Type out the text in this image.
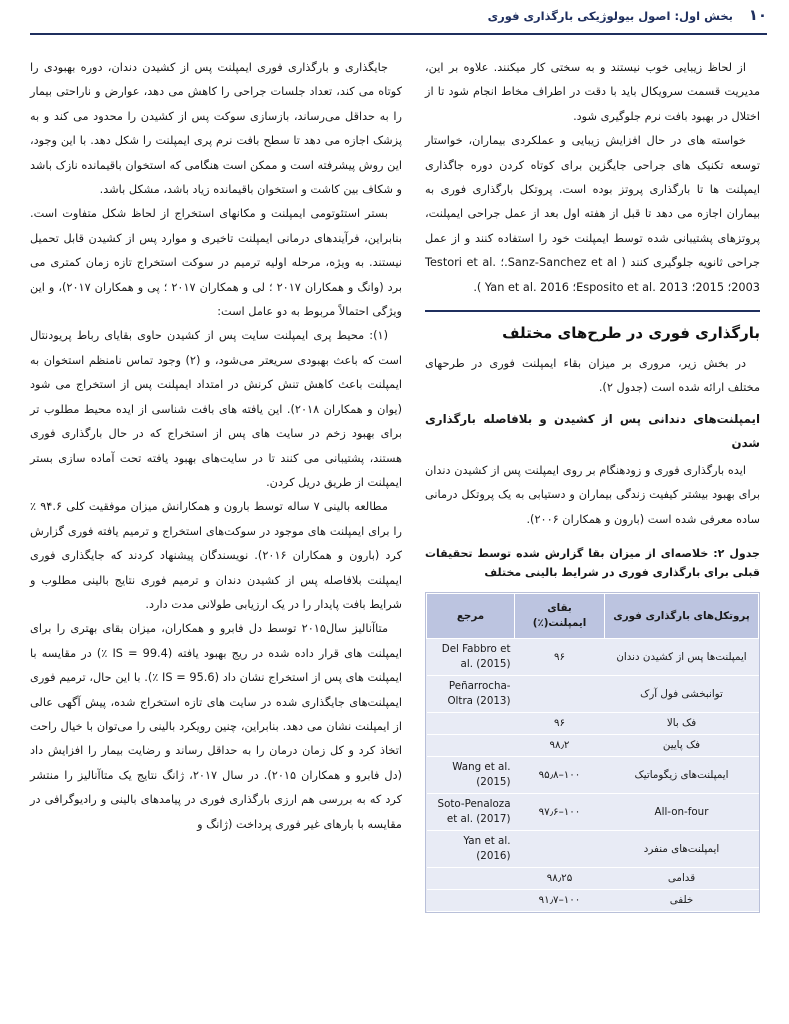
۱۰
بخش اول: اصول بیولوژیکی بارگذاری فوری

از لحاظ زیبایی خوب نیستند و به سختی کار میکنند. علاوه بر این، مدیریت قسمت سرویکال باید با دقت در اطراف مخاط انجام شود تا از اختلال در بهبود بافت نرم جلوگیری شود.

خواسته های در حال افزایش زیبایی و عملکردی بیماران، خواستار توسعه تکنیک های جراحی جایگزین برای کوتاه کردن دوره جاگذاری ایمپلنت ها تا بارگذاری پروتز بوده است. پروتکل بارگذاری فوری به بیماران اجازه می دهد تا قبل از هفته اول بعد از عمل جراحی ایمپلنت، پروتزهای پشتیبانی شده توسط ایمپلنت خود را استفاده کنند و از عمل جراحی ثانویه جلوگیری کنند ( Sanz-Sanchez et al.؛ Testori et al. 2003؛ 2015؛ Esposito et al. 2013؛ Yan et al. 2016 ).

بارگذاری فوری در طرح‌های مختلف

در بخش زیر، مروری بر میزان بقاء ایمپلنت فوری در طرحهای مختلف ارائه شده است (جدول ۲).

ایمپلنت‌های دندانی پس از کشیدن و بلافاصله بارگذاری شدن

ایده بارگذاری فوری و زودهنگام بر روی ایمپلنت پس از کشیدن دندان برای بهبود بیشتر کیفیت زندگی بیماران و دستیابی به یک پروتکل درمانی ساده معرفی شده است (بارون و همکاران ۲۰۰۶).

جدول ۲: خلاصه‌ای از میزان بقا گزارش شده توسط تحقیقات قبلی برای بارگذاری فوری در شرایط بالینی مختلف
پروتکل‌های بارگذاری فوری	بقای ایمپلنت(٪)	مرجع
ایمپلنت‌ها پس از کشیدن دندان	۹۶	Del Fabbro et al. (2015)
توانبخشی فول آرک		Peñarrocha-Oltra (2013)
فک بالا	۹۶	
فک پایین	۹۸٫۲	
ایمپلنت‌های زیگوماتیک	۱۰۰–۹۵٫۸	Wang et al. (2015)
All-on-four	۱۰۰–۹۷٫۶	Soto-Penaloza et al. (2017)
ایمپلنت‌های منفرد		Yan et al. (2016)
قدامی	۹۸٫۲۵	
خلفی	۱۰۰–۹۱٫۷	

جایگذاری و بارگذاری فوری ایمپلنت پس از کشیدن دندان، دوره بهبودی را کوتاه می کند، تعداد جلسات جراحی را کاهش می دهد، عوارض و ناراحتی بیمار را به حداقل می‌رساند، بازسازی سوکت پس از کشیدن را محدود می کند و به پزشک اجازه می دهد تا سطح بافت نرم پری ایمپلنت را شکل دهد. با این وجود، این روش پیشرفته است و ممکن است هنگامی که استخوان باقیمانده نازک باشد و شکاف بین کاشت و استخوان باقیمانده زیاد باشد، مشکل باشد.

بستر استئوتومی ایمپلنت و مکانهای استخراج از لحاظ شکل متفاوت است. بنابراین، فرآیندهای درمانی ایمپلنت تاخیری و موارد پس از کشیدن قابل تحمیل نیستند. به ویژه، مرحله اولیه ترمیم در سوکت استخراج تازه زمان کمتری می برد (وانگ و همکاران ۲۰۱۷ ؛ لی و همکاران ۲۰۱۷ ؛ پی و همکاران ۲۰۱۷)، و این ویژگی احتمالاً مربوط به دو عامل است:

(۱): محیط پری ایمپلنت سایت پس از کشیدن حاوی بقایای رباط پریودنتال است که باعث بهبودی سریعتر می‌شود، و (۲) وجود تماس نامنظم استخوان به ایمپلنت باعث کاهش تنش کرنش در امتداد ایمپلنت پس از استخراج می شود (یوان و همکاران ۲۰۱۸). این یافته های بافت شناسی از ایده محیط مطلوب تر برای بهبود زخم در سایت های پس از استخراج که در حال بارگذاری فوری هستند، پشتیبانی می کنند تا در سایت‌های بهبود یافته تحت آماده سازی بستر ایمپلنت از طریق دریل کردن.

مطالعه بالینی ۷ ساله توسط بارون و همکارانش میزان موفقیت کلی ۹۴.۶ ٪ را برای ایمپلنت های موجود در سوکت‌های استخراج و ترمیم یافته فوری گزارش کرد (بارون و همکاران ۲۰۱۶). نویسندگان پیشنهاد کردند که جایگذاری فوری ایمپلنت بلافاصله پس از کشیدن دندان و ترمیم فوری نتایج بالینی مطلوب و شرایط بافت پایدار را در یک ارزیابی طولانی مدت دارد.

متاآنالیز سال۲۰۱۵ توسط دل فابرو و همکاران، میزان بقای بهتری را برای ایمپلنت های قرار داده شده در ریج بهبود یافته (IS = 99.4 ٪) در مقایسه با ایمپلنت های پس از استخراج نشان داد (IS = 95.6 ٪). با این حال، ترمیم فوری ایمپلنت‌های جایگذاری شده در سایت های تازه استخراج شده، پیش آگهی عالی از ایمپلنت نشان می دهد. بنابراین، چنین رویکرد بالینی را می‌توان با خیال راحت اتخاذ کرد و کل زمان درمان را به حداقل رساند و رضایت بیمار را افزایش داد (دل فابرو و همکاران ۲۰۱۵). در سال ۲۰۱۷، ژانگ نتایج یک متاآنالیز را منتشر کرد که به بررسی هم ارزی بارگذاری فوری در پیامدهای بالینی و رادیوگرافی در مقایسه با بارهای غیر فوری پرداخت (ژانگ و
